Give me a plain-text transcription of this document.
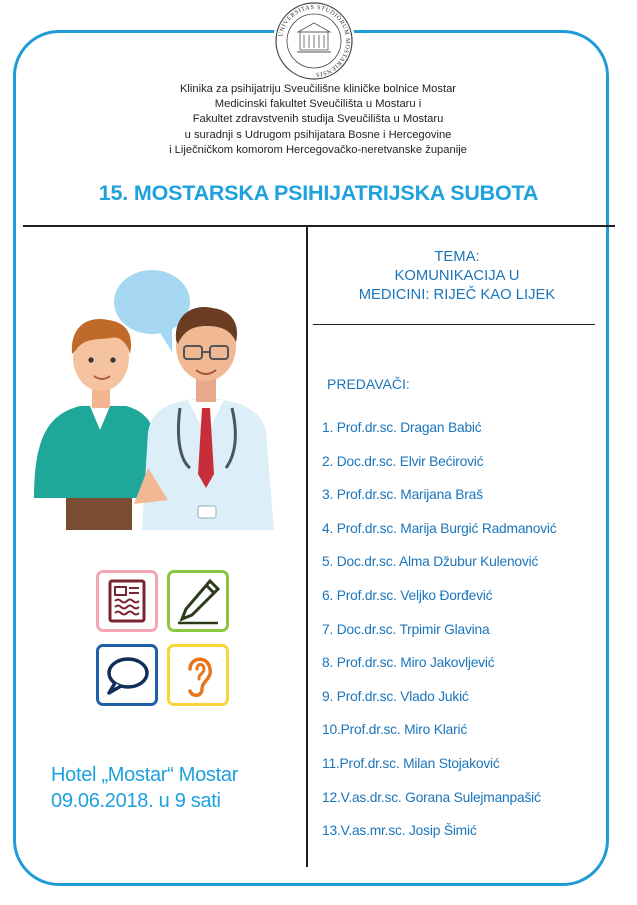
UNIVERSITAS STUDIORUM MOSTARIENSIS
Klinika za psihijatriju Sveučilišne kliničke bolnice Mostar
Medicinski fakultet Sveučilišta u Mostaru i
Fakultet zdravstvenih studija Sveučilišta u Mostaru
u suradnji s Udrugom psihijatara Bosne i Hercegovine
i Liječničkom komorom Hercegovačko-neretvanske županije
15. MOSTARSKA PSIHIJATRIJSKA SUBOTA
TEMA:
KOMUNIKACIJA U
MEDICINI: RIJEČ KAO LIJEK
PREDAVAČI:
1. Prof.dr.sc. Dragan Babić
2. Doc.dr.sc. Elvir Bećirović
3. Prof.dr.sc. Marijana Braš
4. Prof.dr.sc. Marija Burgić Radmanović
5. Doc.dr.sc. Alma Džubur Kulenović
6. Prof.dr.sc. Veljko Đorđević
7. Doc.dr.sc. Trpimir Glavina
8. Prof.dr.sc. Miro Jakovljević
9. Prof.dr.sc. Vlado Jukić
10.Prof.dr.sc. Miro Klarić
11.Prof.dr.sc. Milan Stojaković
12.V.as.dr.sc. Gorana Sulejmanpašić
13.V.as.mr.sc. Josip Šimić
Hotel „Mostar“ Mostar
09.06.2018. u 9 sati
